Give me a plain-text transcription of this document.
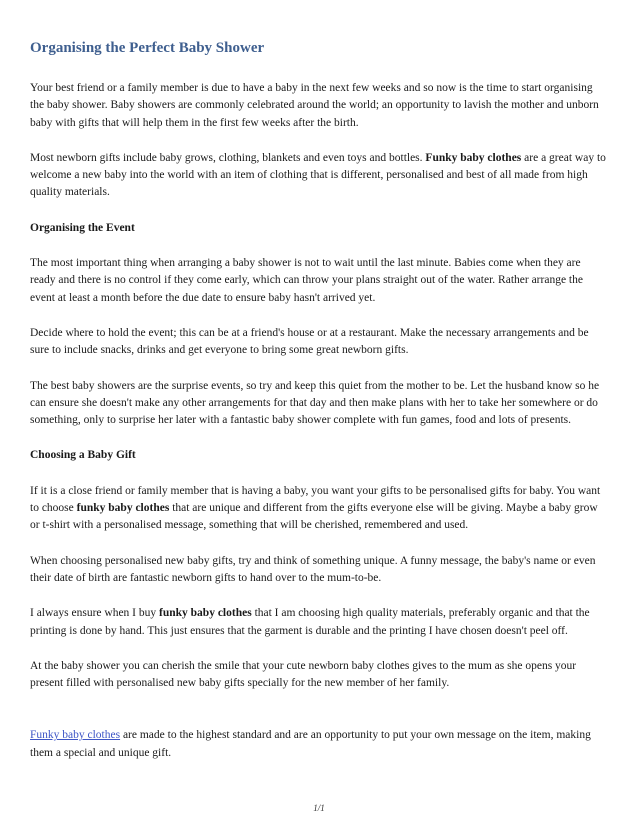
Organising the Perfect Baby Shower

Your best friend or a family member is due to have a baby in the next few weeks and so now is the time to start organising the baby shower. Baby showers are commonly celebrated around the world; an opportunity to lavish the mother and unborn baby with gifts that will help them in the first few weeks after the birth.

Most newborn gifts include baby grows, clothing, blankets and even toys and bottles. Funky baby clothes are a great way to welcome a new baby into the world with an item of clothing that is different, personalised and best of all made from high quality materials.

Organising the Event

The most important thing when arranging a baby shower is not to wait until the last minute. Babies come when they are ready and there is no control if they come early, which can throw your plans straight out of the water. Rather arrange the event at least a month before the due date to ensure baby hasn't arrived yet.

Decide where to hold the event; this can be at a friend's house or at a restaurant. Make the necessary arrangements and be sure to include snacks, drinks and get everyone to bring some great newborn gifts.

The best baby showers are the surprise events, so try and keep this quiet from the mother to be. Let the husband know so he can ensure she doesn't make any other arrangements for that day and then make plans with her to take her somewhere or do something, only to surprise her later with a fantastic baby shower complete with fun games, food and lots of presents.

Choosing a Baby Gift

If it is a close friend or family member that is having a baby, you want your gifts to be personalised gifts for baby. You want to choose funky baby clothes that are unique and different from the gifts everyone else will be giving. Maybe a baby grow or t-shirt with a personalised message, something that will be cherished, remembered and used.

When choosing personalised new baby gifts, try and think of something unique. A funny message, the baby's name or even their date of birth are fantastic newborn gifts to hand over to the mum-to-be.

I always ensure when I buy funky baby clothes that I am choosing high quality materials, preferably organic and that the printing is done by hand. This just ensures that the garment is durable and the printing I have chosen doesn't peel off.

At the baby shower you can cherish the smile that your cute newborn baby clothes gives to the mum as she opens your present filled with personalised new baby gifts specially for the new member of her family.

Funky baby clothes are made to the highest standard and are an opportunity to put your own message on the item, making them a special and unique gift.

1/1
